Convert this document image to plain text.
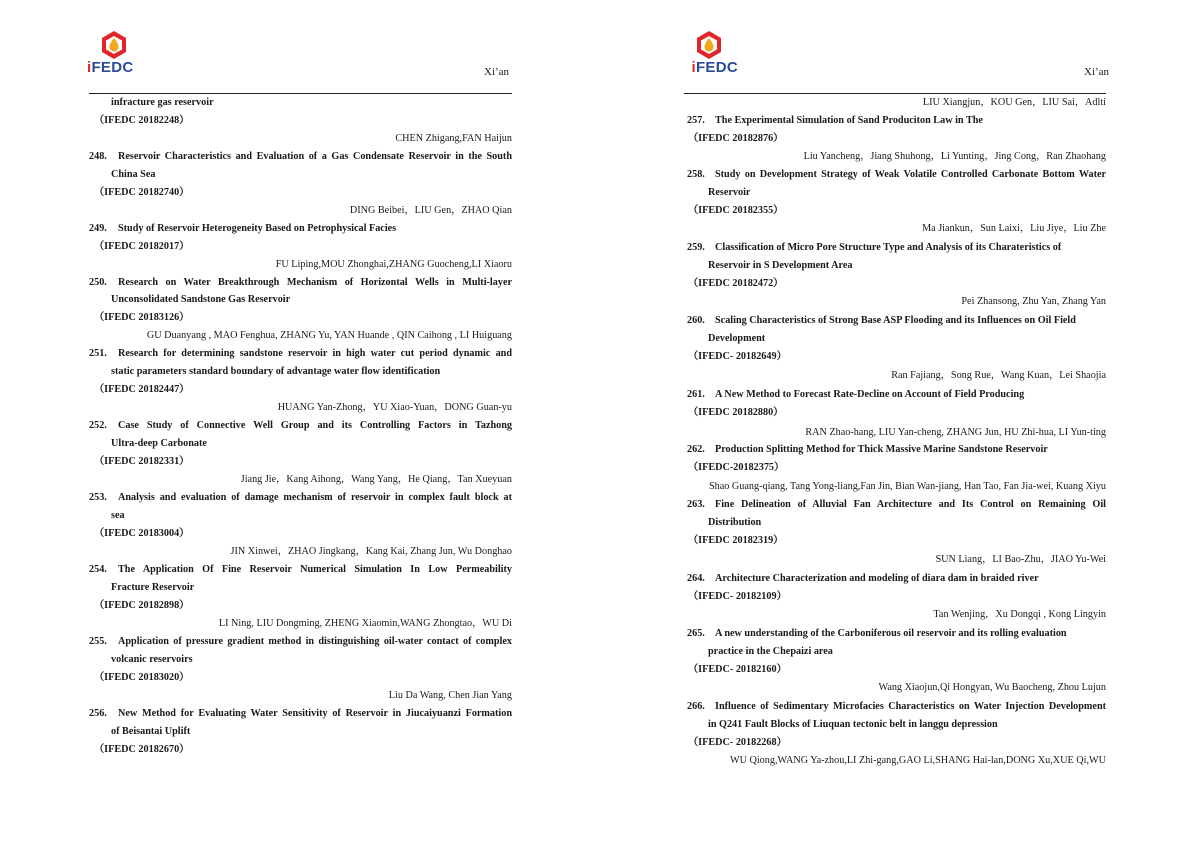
iFEDC	Xi’an
infracture gas reservoir
（IFEDC 20182248）
CHEN Zhigang,FAN Haijun
248. Reservoir Characteristics and Evaluation of a Gas Condensate Reservoir in the South
China Sea
（IFEDC 20182740）
DING Beibei，LIU Gen，ZHAO Qian
249. Study of Reservoir Heterogeneity Based on Petrophysical Facies
（IFEDC 20182017）
FU Liping,MOU Zhonghai,ZHANG Guocheng,LI Xiaoru
250. Research on Water Breakthrough Mechanism of Horizontal Wells in Multi-layer
Unconsolidated Sandstone Gas Reservoir
（IFEDC 20183126）
GU Duanyang , MAO Fenghua, ZHANG Yu, YAN Huande , QIN Caihong , LI Huiguang
251. Research for determining sandstone reservoir in high water cut period dynamic and
static parameters standard boundary of advantage water flow identification
（IFEDC 20182447）
HUANG Yan-Zhong，YU Xiao-Yuan，DONG Guan-yu
252. Case Study of Connective Well Group and its Controlling Factors in Tazhong
Ultra-deep Carbonate
（IFEDC 20182331）
Jiang Jie，Kang Aihong，Wang Yang，He Qiang，Tan Xueyuan
253. Analysis and evaluation of damage mechanism of reservoir in complex fault block at
sea
（IFEDC 20183004）
JIN Xinwei，ZHAO Jingkang，Kang Kai, Zhang Jun, Wu Donghao
254. The Application Of Fine Reservoir Numerical Simulation In Low Permeability
Fracture Reservoir
（IFEDC 20182898）
LI Ning, LIU Dongming, ZHENG Xiaomin,WANG Zhongtao，WU Di
255. Application of pressure gradient method in distinguishing oil-water contact of complex
volcanic reservoirs
（IFEDC 20183020）
Liu Da Wang, Chen Jian Yang
256. New Method for Evaluating Water Sensitivity of Reservoir in Jiucaiyuanzi Formation
of Beisantai Uplift
（IFEDC 20182670）
iFEDC	Xi’an
LIU Xiangjun，KOU Gen，LIU Sai，Adlti
257. The Experimental Simulation of Sand Produciton Law in The
（IFEDC 20182876）
Liu Yancheng，Jiang Shuhong，Li Yunting，Jing Cong，Ran Zhaohang
258. Study on Development Strategy of Weak Volatile Controlled Carbonate Bottom Water
Reservoir
（IFEDC 20182355）
Ma Jiankun，Sun Laixi，Liu Jiye，Liu Zhe
259. Classification of Micro Pore Structure Type and Analysis of its Charateristics of
Reservoir in S Development Area
（IFEDC 20182472）
Pei Zhansong, Zhu Yan, Zhang Yan
260. Scaling Characteristics of Strong Base ASP Flooding and its Influences on Oil Field
Development
（IFEDC- 20182649）
Ran Fajiang，Song Rue，Wang Kuan，Lei Shaojia
261. A New Method to Forecast Rate-Decline on Account of Field Producing
（IFEDC 20182880）
RAN Zhao-hang, LIU Yan-cheng, ZHANG Jun, HU Zhi-hua, LI Yun-ting
262. Production Splitting Method for Thick Massive Marine Sandstone Reservoir
（IFEDC-20182375）
Shao Guang-qiang, Tang Yong-liang,Fan Jin, Bian Wan-jiang, Han Tao, Fan Jia-wei, Kuang Xiyu
263. Fine Delineation of Alluvial Fan Architecture and Its Control on Remaining Oil
Distribution
（IFEDC 20182319）
SUN Liang，LI Bao-Zhu，JIAO Yu-Wei
264. Architecture Characterization and modeling of diara dam in braided river
（IFEDC- 20182109）
Tan Wenjing，Xu Dongqi , Kong Lingyin
265. A new understanding of the Carboniferous oil reservoir and its rolling evaluation
practice in the Chepaizi area
（IFEDC- 20182160）
Wang Xiaojun,Qi Hongyan, Wu Baocheng, Zhou Lujun
266. Influence of Sedimentary Microfacies Characteristics on Water Injection Development
in Q241 Fault Blocks of Liuquan tectonic belt in langgu depression
（IFEDC- 20182268）
WU Qiong,WANG Ya-zhou,LI Zhi-gang,GAO Li,SHANG Hai-lan,DONG Xu,XUE Qi,WU
